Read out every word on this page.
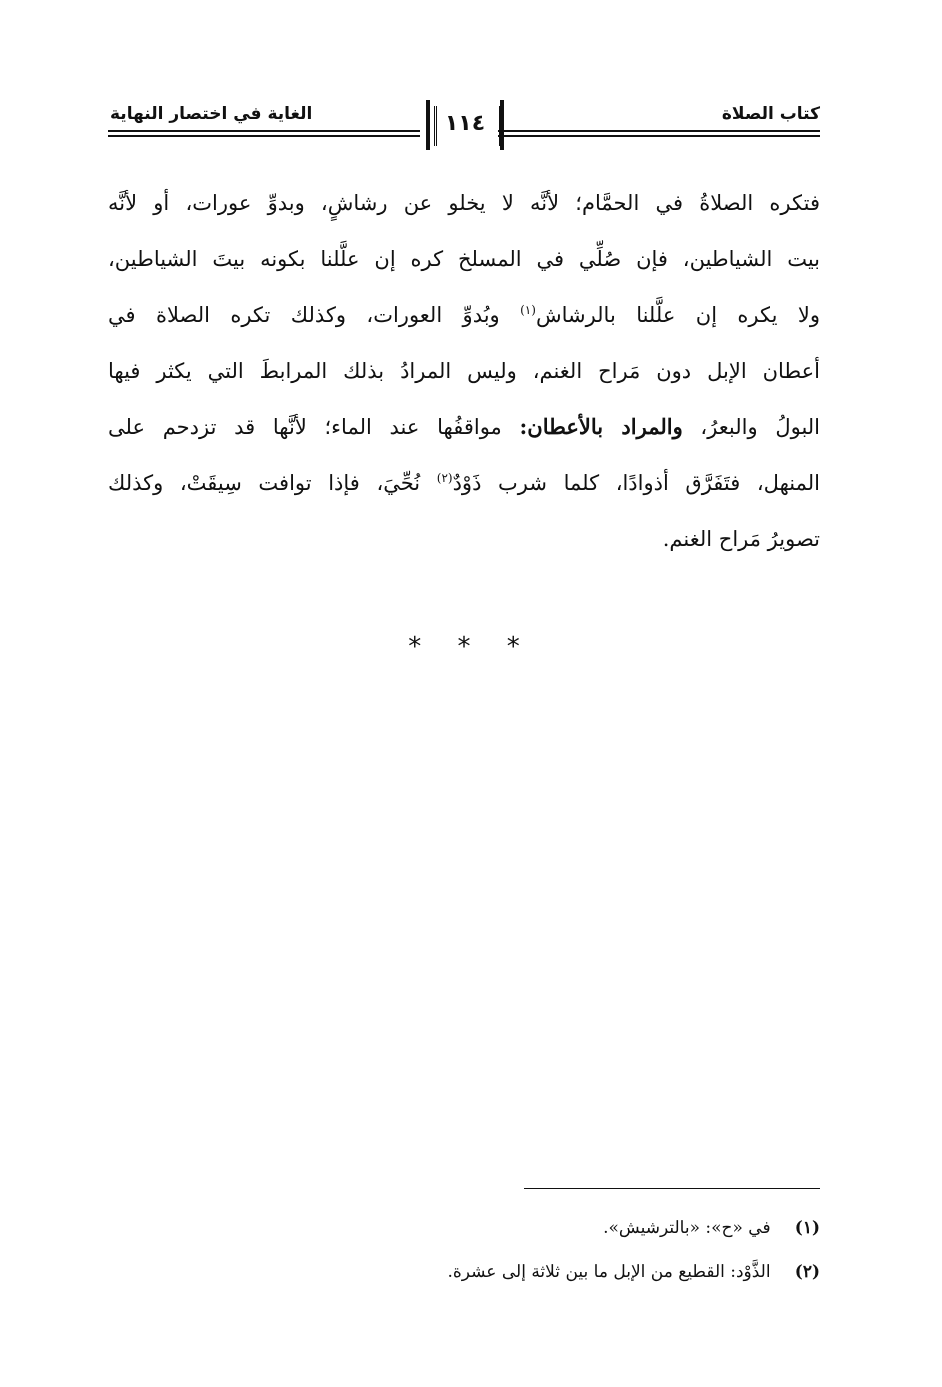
كتاب الصلاة
الغاية في اختصار النهاية	١١٤
فتكره الصلاةُ في الحمَّام؛ لأنَّه لا يخلو عن رشاشٍ، وبدوِّ عورات، أو لأنَّه
بيت الشياطين، فإن صُلِّي في المسلخ كره إن علَّلنا بكونه بيتَ الشياطين،
ولا يكره إن علَّلنا بالرشاش$^{(١)}$ وبُدوِّ العورات، وكذلك تكره الصلاة في
أعطان الإبل دون مَراح الغنم، وليس المرادُ بذلك المرابطَ التي يكثر فيها
البولُ والبعرُ، والمراد بالأعطان: مواقفُها عند الماء؛ لأنَّها قد تزدحم على
المنهل، فتَفَرَّق أذوادًا، كلما شرب ذَوْدٌ$^{(٢)}$ نُحِّيَ، فإذا توافت سِيقَتْ، وكذلك
تصويرُ مَراح الغنم.
* * *
(١) في «ح»: «بالترشيش».
(٢) الذَّوْد: القطيع من الإبل ما بين ثلاثة إلى عشرة.
